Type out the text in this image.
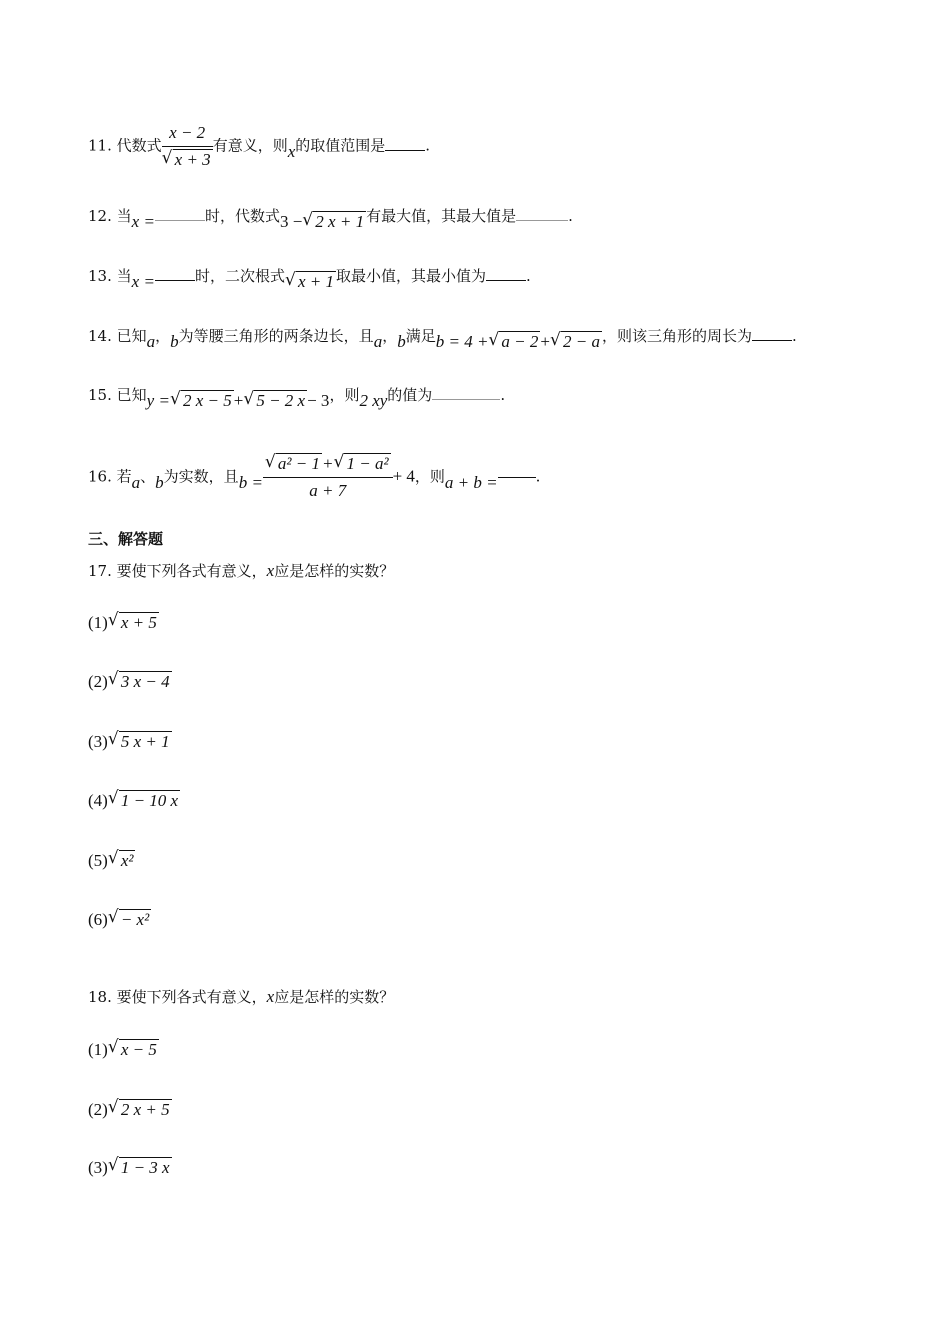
11. 代数式 x − 2
√ x + 3 有意义，则x的取值范围是	.
12. 当x =	时，代数式3 − √ 2 x + 1 有最大值，其最大值是	.
13. 当x =	时，二次根式 √ x + 1 取最小值，其最小值为	.
14. 已知a，b为等腰三角形的两条边长，且a，b满足b = 4 + √ a − 2 + √ 2 − a ，则该三角形的周长为	.
15. 已知y = √ 2 x − 5 + √ 5 − 2 x − 3，则2 xy的值为	.
16. 若a、b为实数，且b = √ $\frac{\text{a² − 1 + √ 1 − a²}}{a + 7} + 4$，则a + b =	.
三、解答题
17. 要使下列各式有意义，x应是怎样的实数？
(1) √ x + 5
(2) √ 3 x − 4
(3) √ 5 x + 1
(4) √ 1 − 10 x
(5) √ x²
(6) √ − x²
18. 要使下列各式有意义，x应是怎样的实数？
(1) √ x − 5
(2) √ 2 x + 5
(3) √ 1 − 3 x
